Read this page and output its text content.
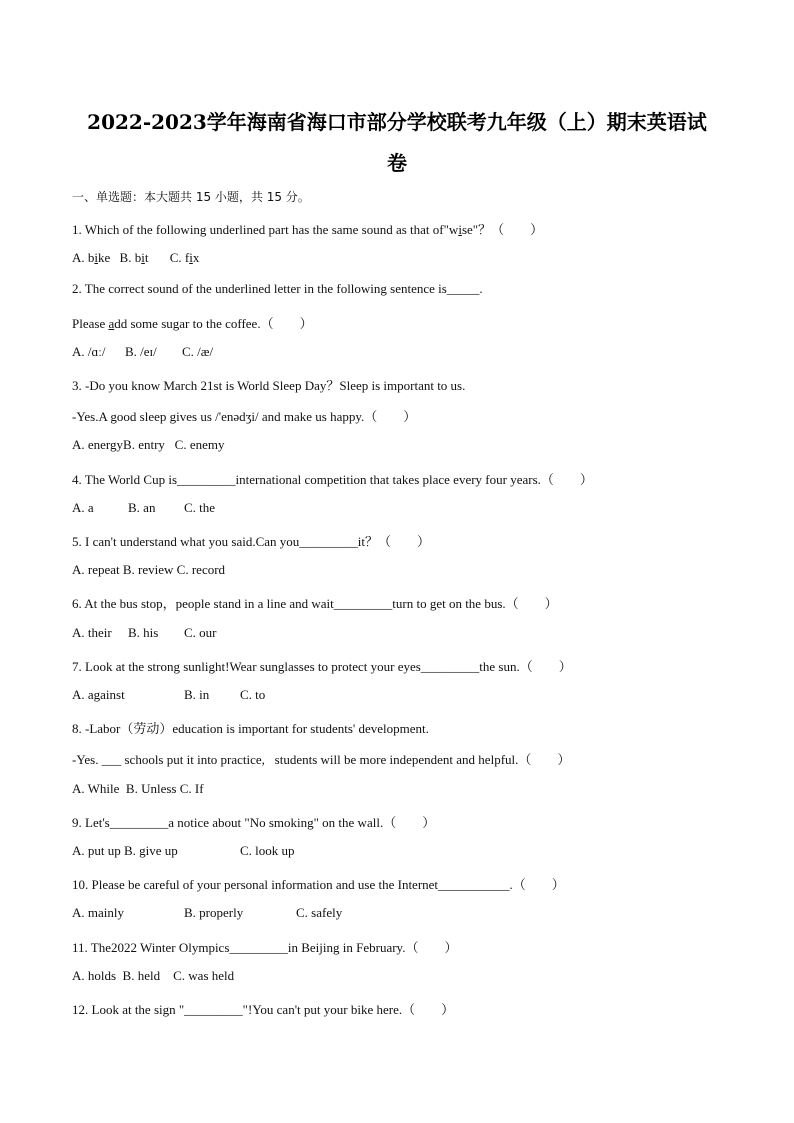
2022-2023学年海南省海口市部分学校联考九年级（上）期末英语试
卷
一、单选题：本大题共 15 小题，共 15 分。
1. Which of the following underlined part has the same sound as that of"wise"？（　　）
A. bike B. bit C. fix
2. The correct sound of the underlined letter in the following sentence is_____.
Please add some sugar to the coffee.（　　）
A. /ɑː/ B. /eɪ/ C. /æ/
3. -Do you know March 21st is World Sleep Day？Sleep is important to us.
-Yes.A good sleep gives us /'enədʒi/ and make us happy.（　　）
A. energyB. entry   C. enemy
4. The World Cup is_________international competition that takes place every four years.（　　）
A. a	B. an C. the
5. I can't understand what you said.Can you_________it？（　　）
A. repeat B. review C. record
6. At the bus stop，people stand in a line and wait_________turn to get on the bus.（　　）
A. their B. his C. our
7. Look at the strong sunlight!Wear sunglasses to protect your eyes_________the sun.（　　）
A. against	B. in C. to
8. -Labor（劳动）education is important for students' development.
-Yes. ___ schools put it into practice,   students will be more independent and helpful.（　　）
A. While  B. Unless C. If
9. Let's_________a notice about "No smoking" on the wall.（　　）
A. put up B. give up	C. look up
10. Please be careful of your personal information and use the Internet___________.（　　）
A. mainly	B. properly	C. safely
11. The2022 Winter Olympics_________in Beijing in February.（　　）
A. holds  B. held    C. was held
12. Look at the sign "_________"!You can't put your bike here.（　　）
